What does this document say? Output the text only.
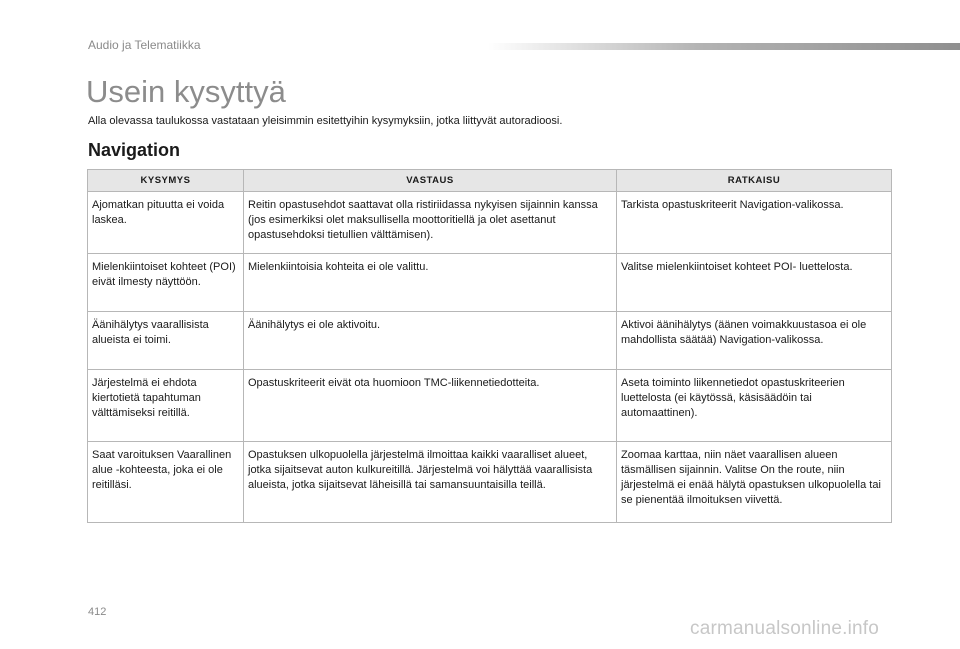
Audio ja Telematiikka
Usein kysyttyä

Alla olevassa taulukossa vastataan yleisimmin esitettyihin kysymyksiin, jotka liittyvät autoradioosi.

Navigation
KYSYMYS	VASTAUS	RATKAISU
Ajomatkan pituutta ei voida laskea.	Reitin opastusehdot saattavat olla ristiriidassa nykyisen sijainnin kanssa (jos esimerkiksi olet maksullisella moottoritiellä ja olet asettanut opastusehdoksi tietullien välttämisen).	Tarkista opastuskriteerit Navigation-valikossa.
Mielenkiintoiset kohteet (POI) eivät ilmesty näyttöön.	Mielenkiintoisia kohteita ei ole valittu.	Valitse mielenkiintoiset kohteet POI- luettelosta.
Äänihälytys vaarallisista alueista ei toimi.	Äänihälytys ei ole aktivoitu.	Aktivoi äänihälytys (äänen voimakkuustasoa ei ole mahdollista säätää) Navigation-valikossa.
Järjestelmä ei ehdota kiertotietä tapahtuman välttämiseksi reitillä.	Opastuskriteerit eivät ota huomioon TMC-liikennetiedotteita.	Aseta toiminto liikennetiedot opastuskriteerien luettelosta (ei käytössä, käsisäädöin tai automaattinen).
Saat varoituksen Vaarallinen alue -kohteesta, joka ei ole reitilläsi.	Opastuksen ulkopuolella järjestelmä ilmoittaa kaikki vaaralliset alueet, jotka sijaitsevat auton kulkureitillä. Järjestelmä voi hälyttää vaarallisista alueista, jotka sijaitsevat läheisillä tai samansuuntaisilla teillä.	Zoomaa karttaa, niin näet vaarallisen alueen täsmällisen sijainnin. Valitse On the route, niin järjestelmä ei enää hälytä opastuksen ulkopuolella tai se pienentää ilmoituksen viivettä.
412
carmanualsonline.info
